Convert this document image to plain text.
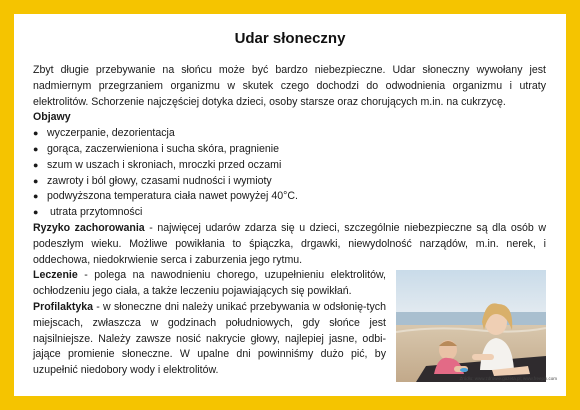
Udar słoneczny

Zbyt długie przebywanie na słońcu może być bardzo niebezpieczne. Udar słoneczny wywołany jest nadmiernym przegrzaniem organizmu w skutek czego dochodzi do odwodnienia organizmu i utraty elektrolitów. Schorzenie najczęściej dotyka dzieci, osoby starsze oraz chorujących m.in. na cukrzycę.

Objawy

● wyczerpanie, dezorientacja
● gorąca, zaczerwieniona i sucha skóra, pragnienie
● szum w uszach i skroniach, mroczki przed oczami
● zawroty i ból głowy, czasami nudności i wymioty
● podwyższona temperatura ciała nawet powyżej 40°C.
● utrata przytomności

Ryzyko zachorowania - najwięcej udarów zdarza się u dzieci, szczególnie niebezpieczne są dla osób w podeszłym wieku. Możliwe powikłania to śpiączka, drgawki, niewydolność narządów, m.in. nerek, i oddechowa, niedokrwienie serca i zaburzenia jego rytmu.

Leczenie - polega na nawodnieniu chorego, uzupełnieniu elektrolitów, ochłodzeniu jego ciała, a także leczeniu pojawiających się powikłań.

Profilaktyka - w słoneczne dni należy unikać przebywania w odsłonię-tych miejscach, zwłaszcza w godzinach południowych, gdy słońce jest najsilniejsze. Należy zawsze nosić nakrycie głowy, najlepiej jasne, odbi-jające promienie słoneczne. W upalne dni powinniśmy dużo pić, by uzupełnić niedobory wody i elektrolitów.

Źródło: www.zdrowie.gazeta.pl; www.freepik.com
